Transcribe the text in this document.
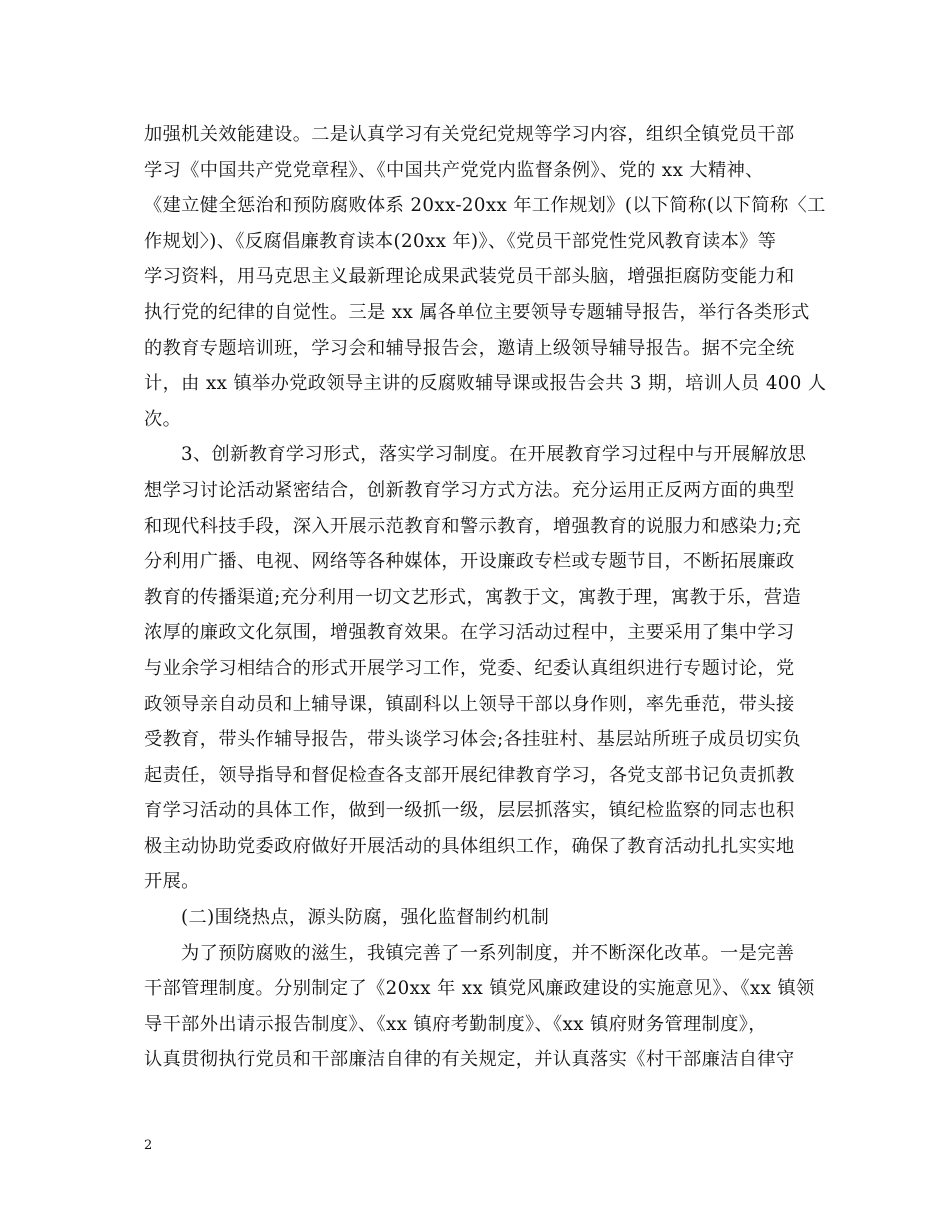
加强机关效能建设。二是认真学习有关党纪党规等学习内容，组织全镇党员干部
学习《中国共产党党章程》、《中国共产党党内监督条例》、党的 xx 大精神、
《建立健全惩治和预防腐败体系 20xx-20xx 年工作规划》(以下简称(以下简称〈工
作规划〉)、《反腐倡廉教育读本(20xx 年)》、《党员干部党性党风教育读本》等
学习资料，用马克思主义最新理论成果武装党员干部头脑，增强拒腐防变能力和
执行党的纪律的自觉性。三是 xx 属各单位主要领导专题辅导报告，举行各类形式
的教育专题培训班，学习会和辅导报告会，邀请上级领导辅导报告。据不完全统
计，由 xx 镇举办党政领导主讲的反腐败辅导课或报告会共 3 期，培训人员 400 人
次。

3、创新教育学习形式，落实学习制度。在开展教育学习过程中与开展解放思
想学习讨论活动紧密结合，创新教育学习方式方法。充分运用正反两方面的典型
和现代科技手段，深入开展示范教育和警示教育，增强教育的说服力和感染力;充
分利用广播、电视、网络等各种媒体，开设廉政专栏或专题节目，不断拓展廉政
教育的传播渠道;充分利用一切文艺形式，寓教于文，寓教于理，寓教于乐，营造
浓厚的廉政文化氛围，增强教育效果。在学习活动过程中，主要采用了集中学习
与业余学习相结合的形式开展学习工作，党委、纪委认真组织进行专题讨论，党
政领导亲自动员和上辅导课，镇副科以上领导干部以身作则，率先垂范，带头接
受教育，带头作辅导报告，带头谈学习体会;各挂驻村、基层站所班子成员切实负
起责任，领导指导和督促检查各支部开展纪律教育学习，各党支部书记负责抓教
育学习活动的具体工作，做到一级抓一级，层层抓落实，镇纪检监察的同志也积
极主动协助党委政府做好开展活动的具体组织工作，确保了教育活动扎扎实实地
开展。

(二)围绕热点，源头防腐，强化监督制约机制

为了预防腐败的滋生，我镇完善了一系列制度，并不断深化改革。一是完善
干部管理制度。分别制定了《20xx 年 xx 镇党风廉政建设的实施意见》、《xx 镇领
导干部外出请示报告制度》、《xx 镇府考勤制度》、《xx 镇府财务管理制度》，
认真贯彻执行党员和干部廉洁自律的有关规定，并认真落实《村干部廉洁自律守

2
